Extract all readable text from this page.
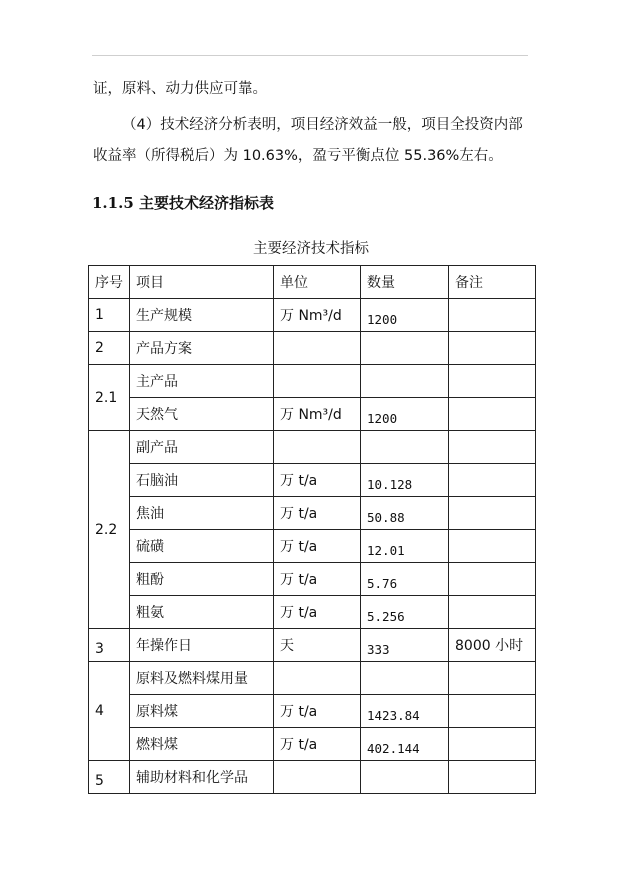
证，原料、动力供应可靠。
（4）技术经济分析表明，项目经济效益一般，项目全投资内部
收益率（所得税后）为 10.63%，盈亏平衡点位 55.36%左右。
1.1.5 主要技术经济指标表
主要经济技术指标
序号	项目	单位	数量	备注
1	生产规模	万 Nm³/d	1200	
2	产品方案			
2.1	主产品			
	天然气	万 Nm³/d	1200	
2.2	副产品			
	石脑油	万 t/a	10.128	
	焦油	万 t/a	50.88	
	硫磺	万 t/a	12.01	
	粗酚	万 t/a	5.76	
	粗氨	万 t/a	5.256	
3	年操作日	天	333	8000 小时
4	原料及燃料煤用量			
	原料煤	万 t/a	1423.84	
	燃料煤	万 t/a	402.144	
5	辅助材料和化学品			
